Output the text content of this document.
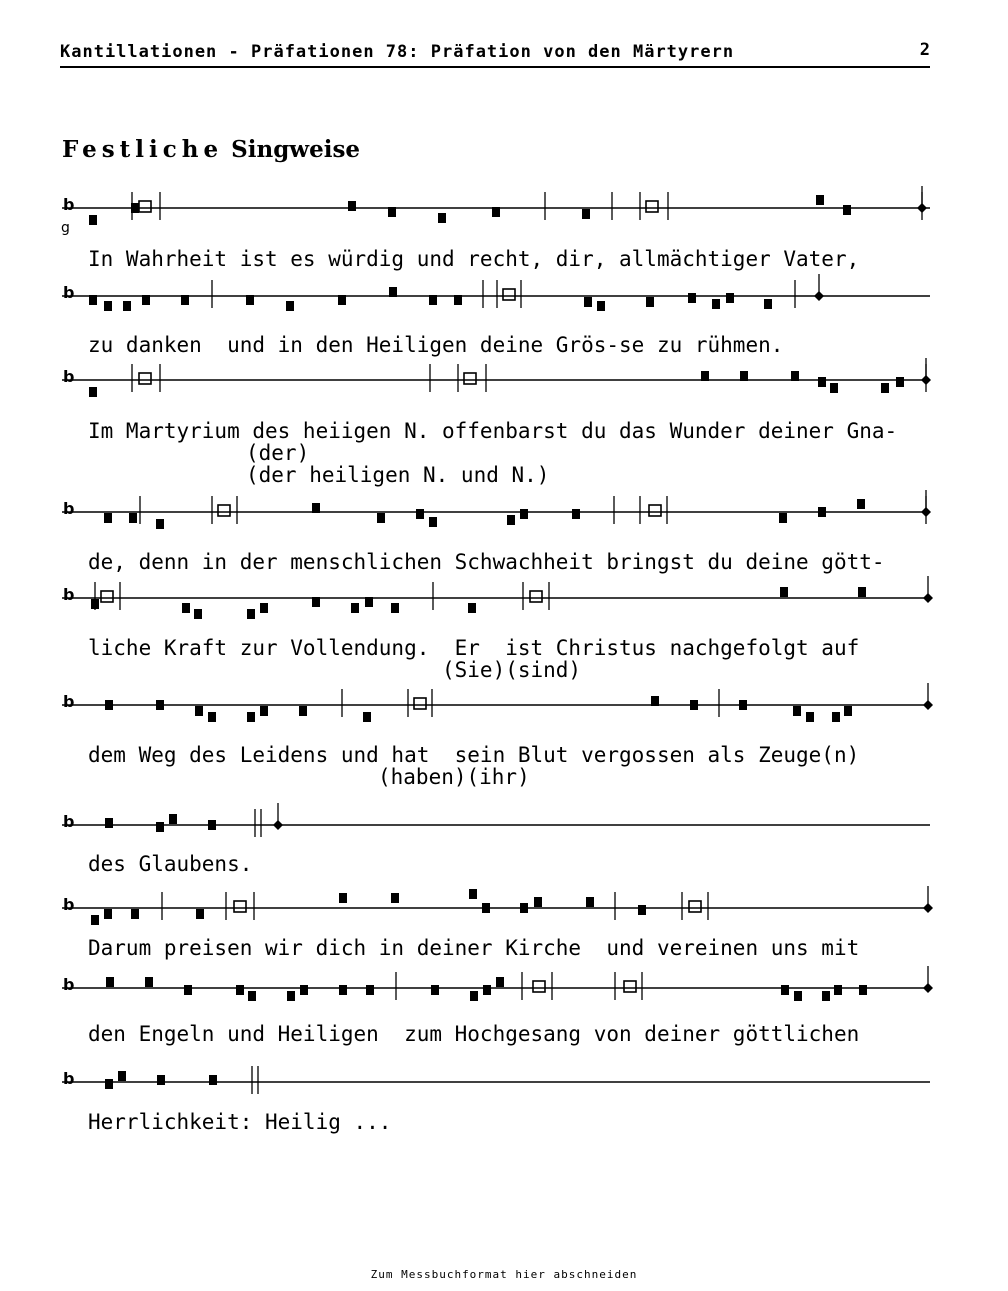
Kantillationen - Präfationen 78: Präfation von den Märtyrern	2
Festliche Singweise
b
g
b
b
b
b
b
b
b
b
b
In Wahrheit ist es würdig und recht, dir, allmächtiger Vater,
zu danken  und in den Heiligen deine Grös-se zu rühmen.
Im Martyrium des heiigen N. offenbarst du das Wunder deiner Gna-
(der)
(der heiligen N. und N.)
de, denn in der menschlichen Schwachheit bringst du deine gött-
liche Kraft zur Vollendung.  Er  ist Christus nachgefolgt auf
(Sie)(sind)
dem Weg des Leidens und hat  sein Blut vergossen als Zeuge(n)
(haben)(ihr)
des Glaubens.
Darum preisen wir dich in deiner Kirche  und vereinen uns mit
den Engeln und Heiligen  zum Hochgesang von deiner göttlichen
Herrlichkeit: Heilig ...
Zum Messbuchformat hier abschneiden
